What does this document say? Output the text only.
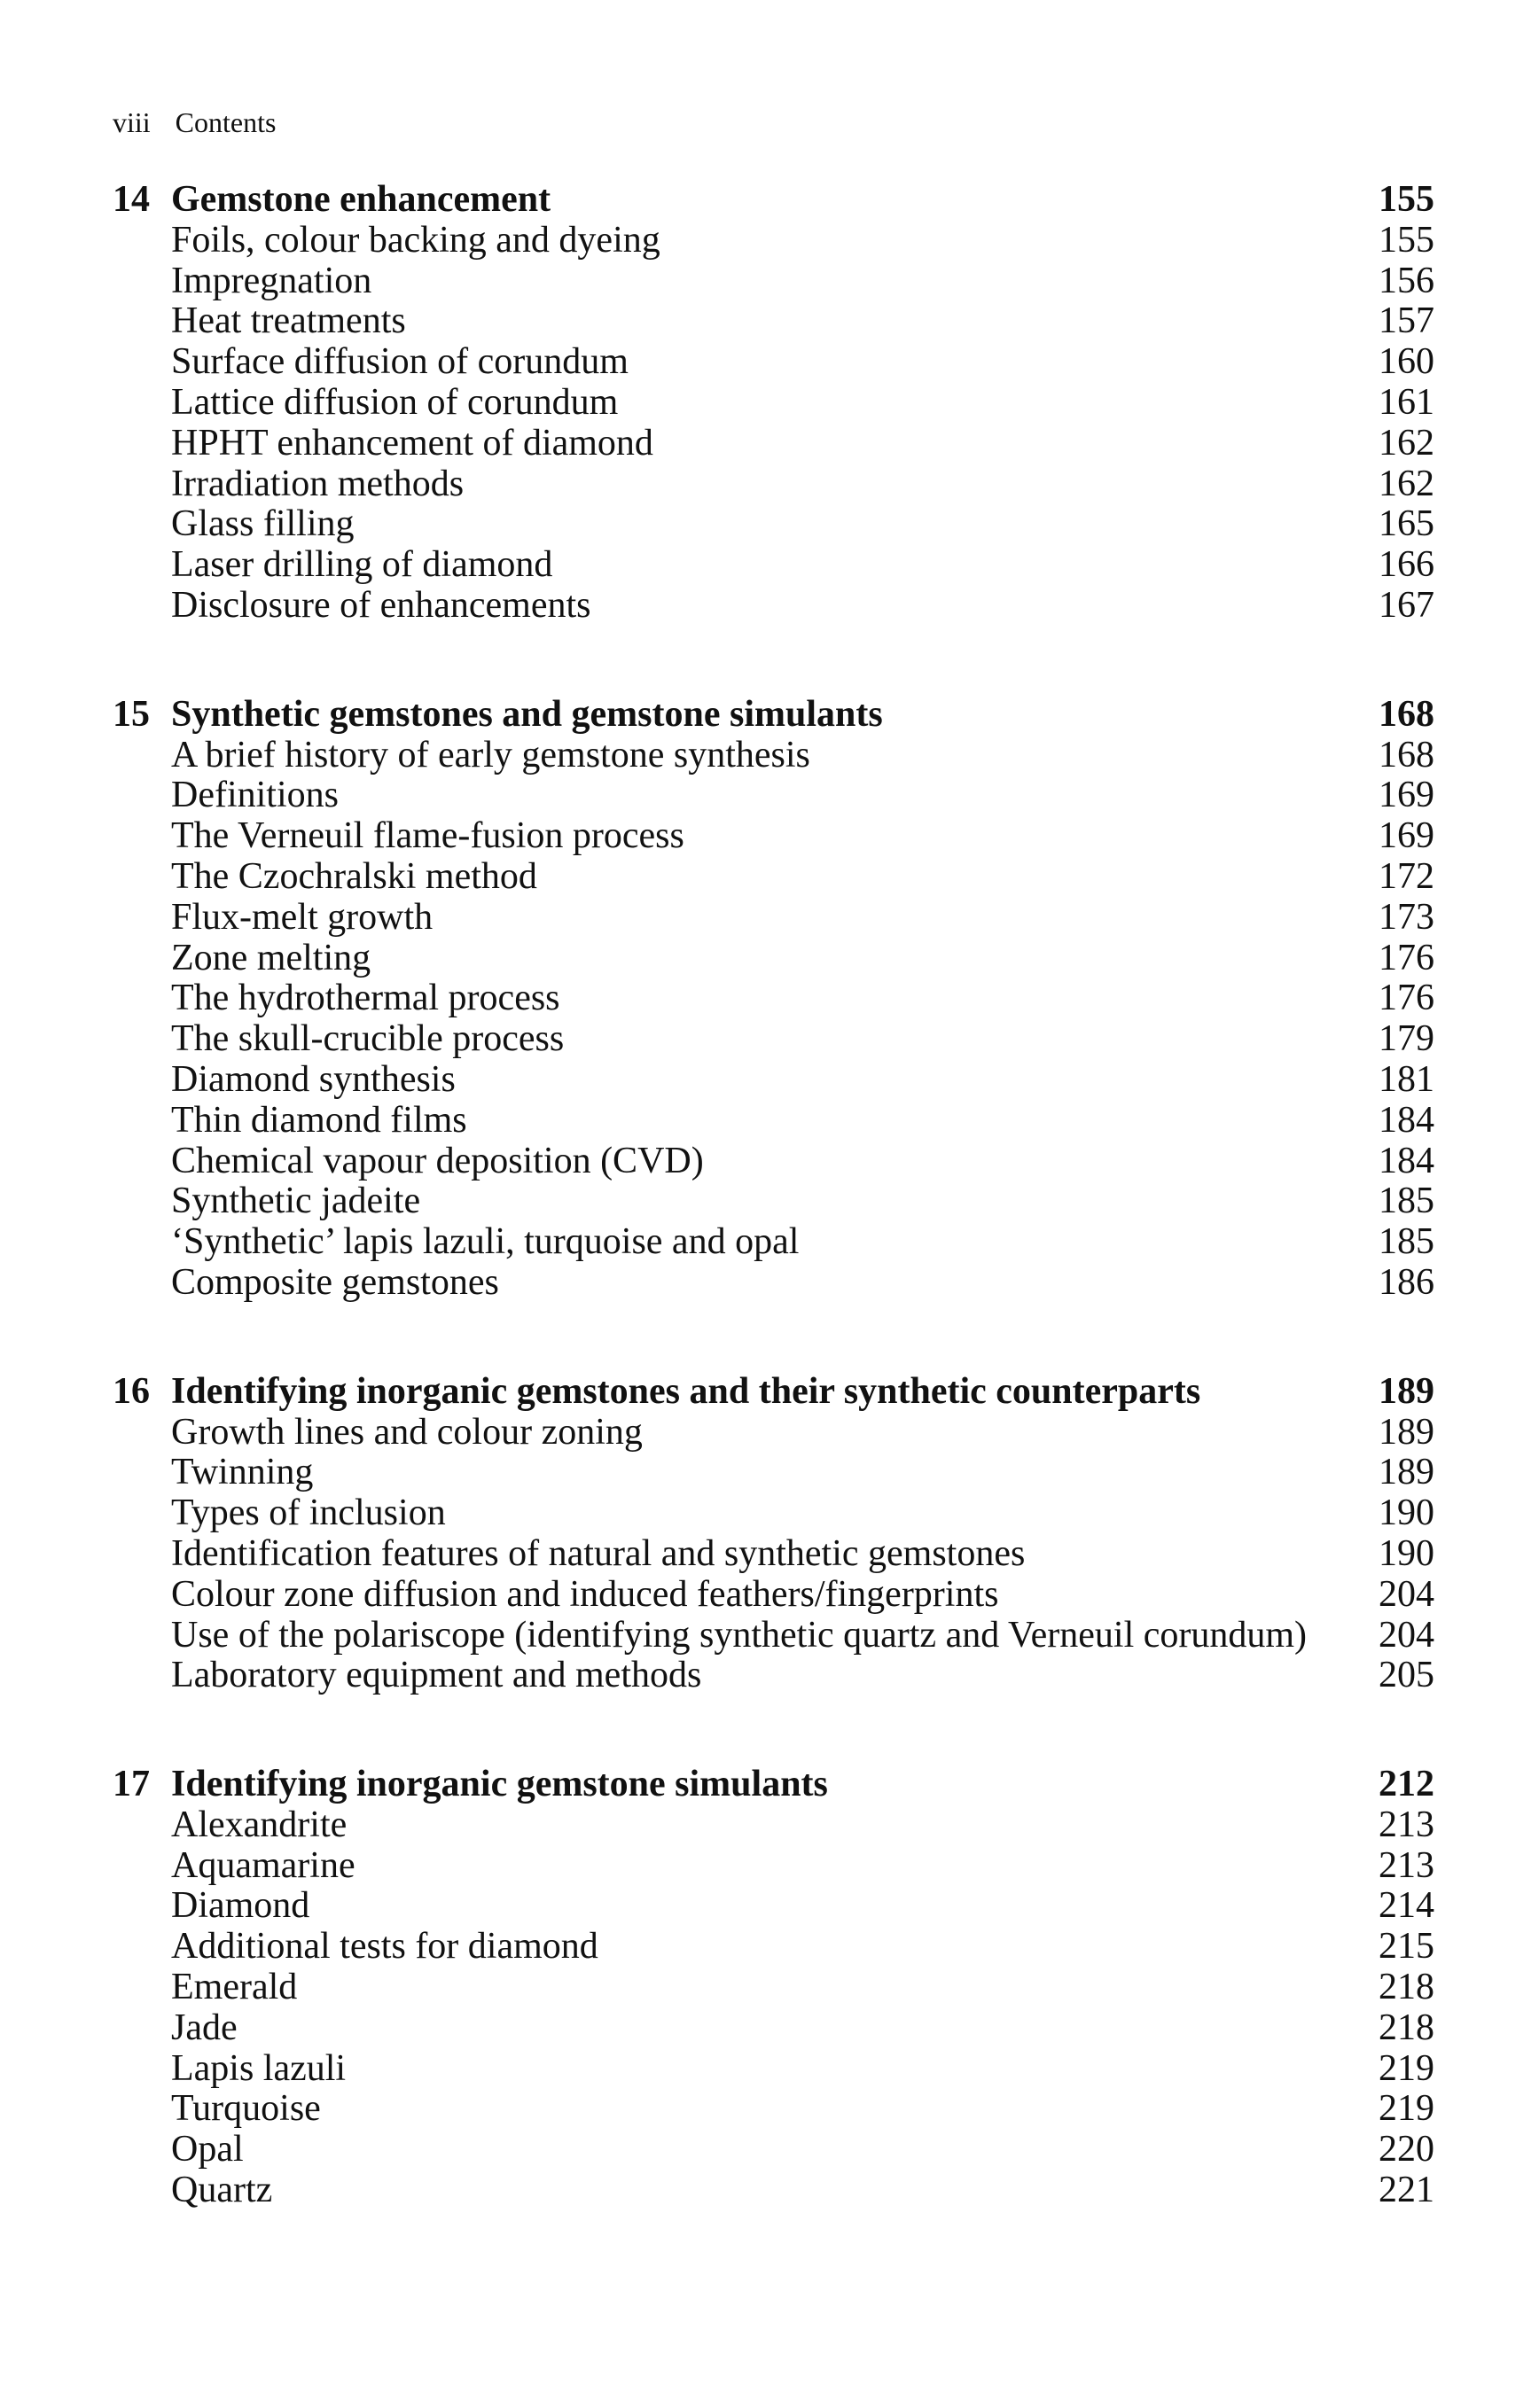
viii Contents
14 Gemstone enhancement	155
Foils, colour backing and dyeing	155
Impregnation	156
Heat treatments	157
Surface diffusion of corundum	160
Lattice diffusion of corundum	161
HPHT enhancement of diamond	162
Irradiation methods	162
Glass filling	165
Laser drilling of diamond	166
Disclosure of enhancements	167
15 Synthetic gemstones and gemstone simulants	168
A brief history of early gemstone synthesis	168
Definitions	169
The Verneuil flame-fusion process	169
The Czochralski method	172
Flux-melt growth	173
Zone melting	176
The hydrothermal process	176
The skull-crucible process	179
Diamond synthesis	181
Thin diamond films	184
Chemical vapour deposition (CVD)	184
Synthetic jadeite	185
‘Synthetic’ lapis lazuli, turquoise and opal	185
Composite gemstones	186
16 Identifying inorganic gemstones and their synthetic counterparts	189
Growth lines and colour zoning	189
Twinning	189
Types of inclusion	190
Identification features of natural and synthetic gemstones	190
Colour zone diffusion and induced feathers/fingerprints	204
Use of the polariscope (identifying synthetic quartz and Verneuil corundum) 204
Laboratory equipment and methods	205
17 Identifying inorganic gemstone simulants	212
Alexandrite	213
Aquamarine	213
Diamond	214
Additional tests for diamond	215
Emerald	218
Jade	218
Lapis lazuli	219
Turquoise	219
Opal	220
Quartz	221
